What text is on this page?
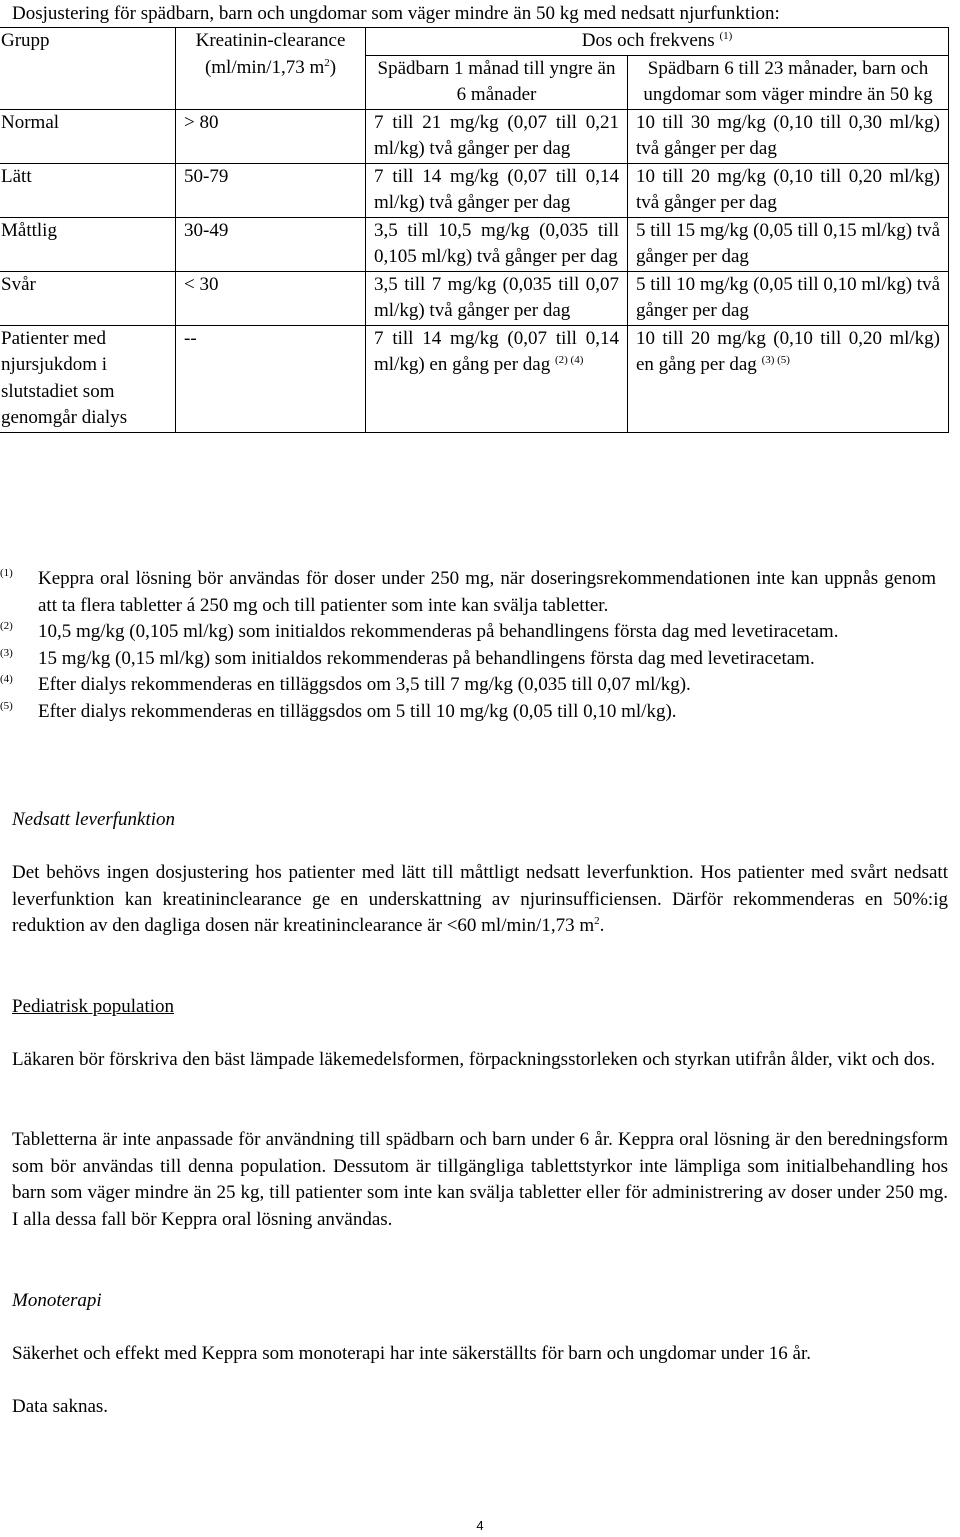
Dosjustering för spädbarn, barn och ungdomar som väger mindre än 50 kg med nedsatt njurfunktion:
Grupp	Kreatinin-clearance (ml/min/1,73 $m^2$)	Dos och frekvens $^{(1)}$
		Spädbarn 1 månad till yngre än 6 månader	Spädbarn 6 till 23 månader, barn och ungdomar som väger mindre än 50 kg
Normal	> 80	7 till 21 mg/kg (0,07 till 0,21 ml/kg) två gånger per dag	10 till 30 mg/kg (0,10 till 0,30 ml/kg) två gånger per dag
Lätt	50-79	7 till 14 mg/kg (0,07 till 0,14 ml/kg) två gånger per dag	10 till 20 mg/kg (0,10 till 0,20 ml/kg) två gånger per dag
Måttlig	30-49	3,5 till 10,5 mg/kg (0,035 till 0,105 ml/kg) två gånger per dag	5 till 15 mg/kg (0,05 till 0,15 ml/kg) två gånger per dag
Svår	< 30	3,5 till 7 mg/kg (0,035 till 0,07 ml/kg) två gånger per dag	5 till 10 mg/kg (0,05 till 0,10 ml/kg) två gånger per dag
Patienter med njursjukdom i slutstadiet som genomgår dialys	--	7 till 14 mg/kg (0,07 till 0,14 ml/kg) en gång per dag $^{(2) (4)}$	10 till 20 mg/kg (0,10 till 0,20 ml/kg) en gång per dag $^{(3) (5)}$
(1) Keppra oral lösning bör användas för doser under 250 mg, när doseringsrekommendationen inte kan uppnås genom att ta flera tabletter á 250 mg och till patienter som inte kan svälja tabletter.
(2) 10,5 mg/kg (0,105 ml/kg) som initialdos rekommenderas på behandlingens första dag med levetiracetam.
(3) 15 mg/kg (0,15 ml/kg) som initialdos rekommenderas på behandlingens första dag med levetiracetam.
(4) Efter dialys rekommenderas en tilläggsdos om 3,5 till 7 mg/kg (0,035 till 0,07 ml/kg).
(5) Efter dialys rekommenderas en tilläggsdos om 5 till 10 mg/kg (0,05 till 0,10 ml/kg).
Nedsatt leverfunktion
Det behövs ingen dosjustering hos patienter med lätt till måttligt nedsatt leverfunktion. Hos patienter med svårt nedsatt leverfunktion kan kreatininclearance ge en underskattning av njurinsufficiensen. Därför rekommenderas en 50%:ig reduktion av den dagliga dosen när kreatininclearance är <60 ml/min/1,73 $m^2$.
Pediatrisk population
Läkaren bör förskriva den bäst lämpade läkemedelsformen, förpackningsstorleken och styrkan utifrån ålder, vikt och dos.
Tabletterna är inte anpassade för användning till spädbarn och barn under 6 år. Keppra oral lösning är den beredningsform som bör användas till denna population. Dessutom är tillgängliga tablettstyrkor inte lämpliga som initialbehandling hos barn som väger mindre än 25 kg, till patienter som inte kan svälja tabletter eller för administrering av doser under 250 mg. I alla dessa fall bör Keppra oral lösning användas.
Monoterapi
Säkerhet och effekt med Keppra som monoterapi har inte säkerställts för barn och ungdomar under 16 år.
Data saknas.
4
